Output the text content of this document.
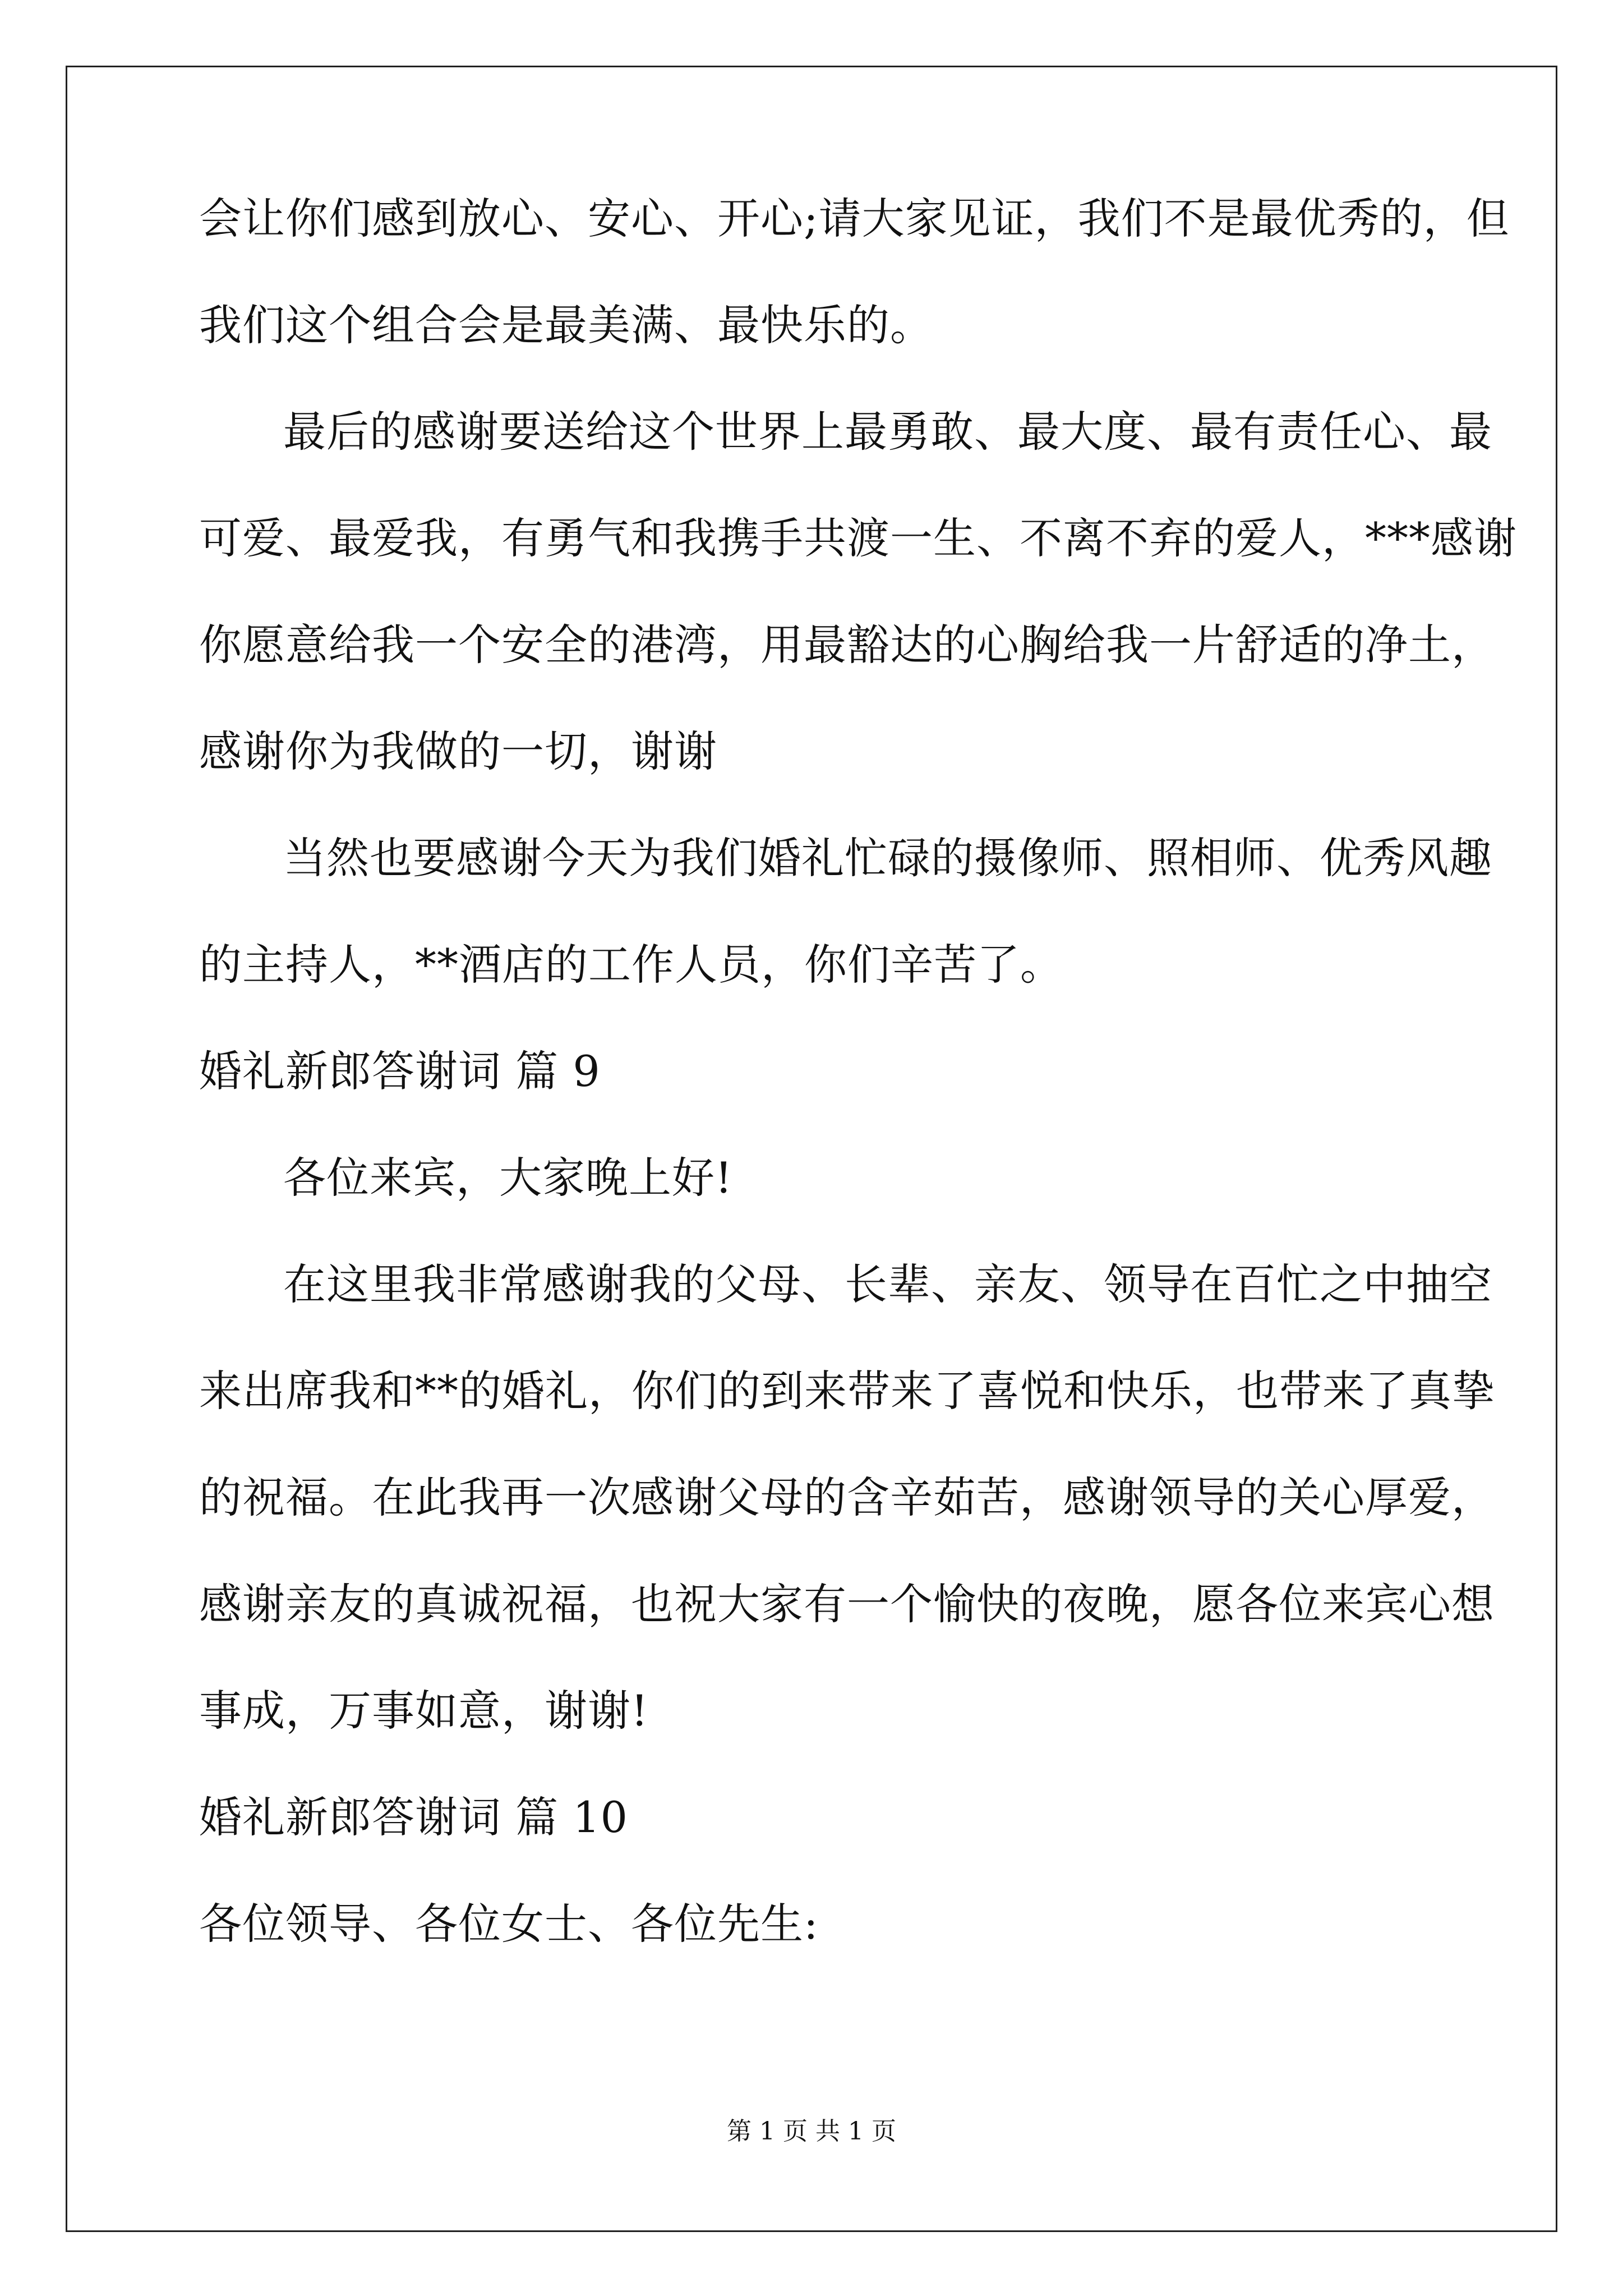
会让你们感到放心、安心、开心;请大家见证，我们不是最优秀的，但
我们这个组合会是最美满、最快乐的。
最后的感谢要送给这个世界上最勇敢、最大度、最有责任心、最
可爱、最爱我，有勇气和我携手共渡一生、不离不弃的爱人，***感谢
你愿意给我一个安全的港湾，用最豁达的心胸给我一片舒适的净土，
感谢你为我做的一切，谢谢
当然也要感谢今天为我们婚礼忙碌的摄像师、照相师、优秀风趣
的主持人，**酒店的工作人员，你们辛苦了。
婚礼新郎答谢词 篇 9
各位来宾，大家晚上好!
在这里我非常感谢我的父母、长辈、亲友、领导在百忙之中抽空
来出席我和**的婚礼，你们的到来带来了喜悦和快乐，也带来了真挚
的祝福。在此我再一次感谢父母的含辛茹苦，感谢领导的关心厚爱，
感谢亲友的真诚祝福，也祝大家有一个愉快的夜晚，愿各位来宾心想
事成，万事如意，谢谢!
婚礼新郎答谢词 篇 10
各位领导、各位女士、各位先生:
第 1 页 共 1 页
